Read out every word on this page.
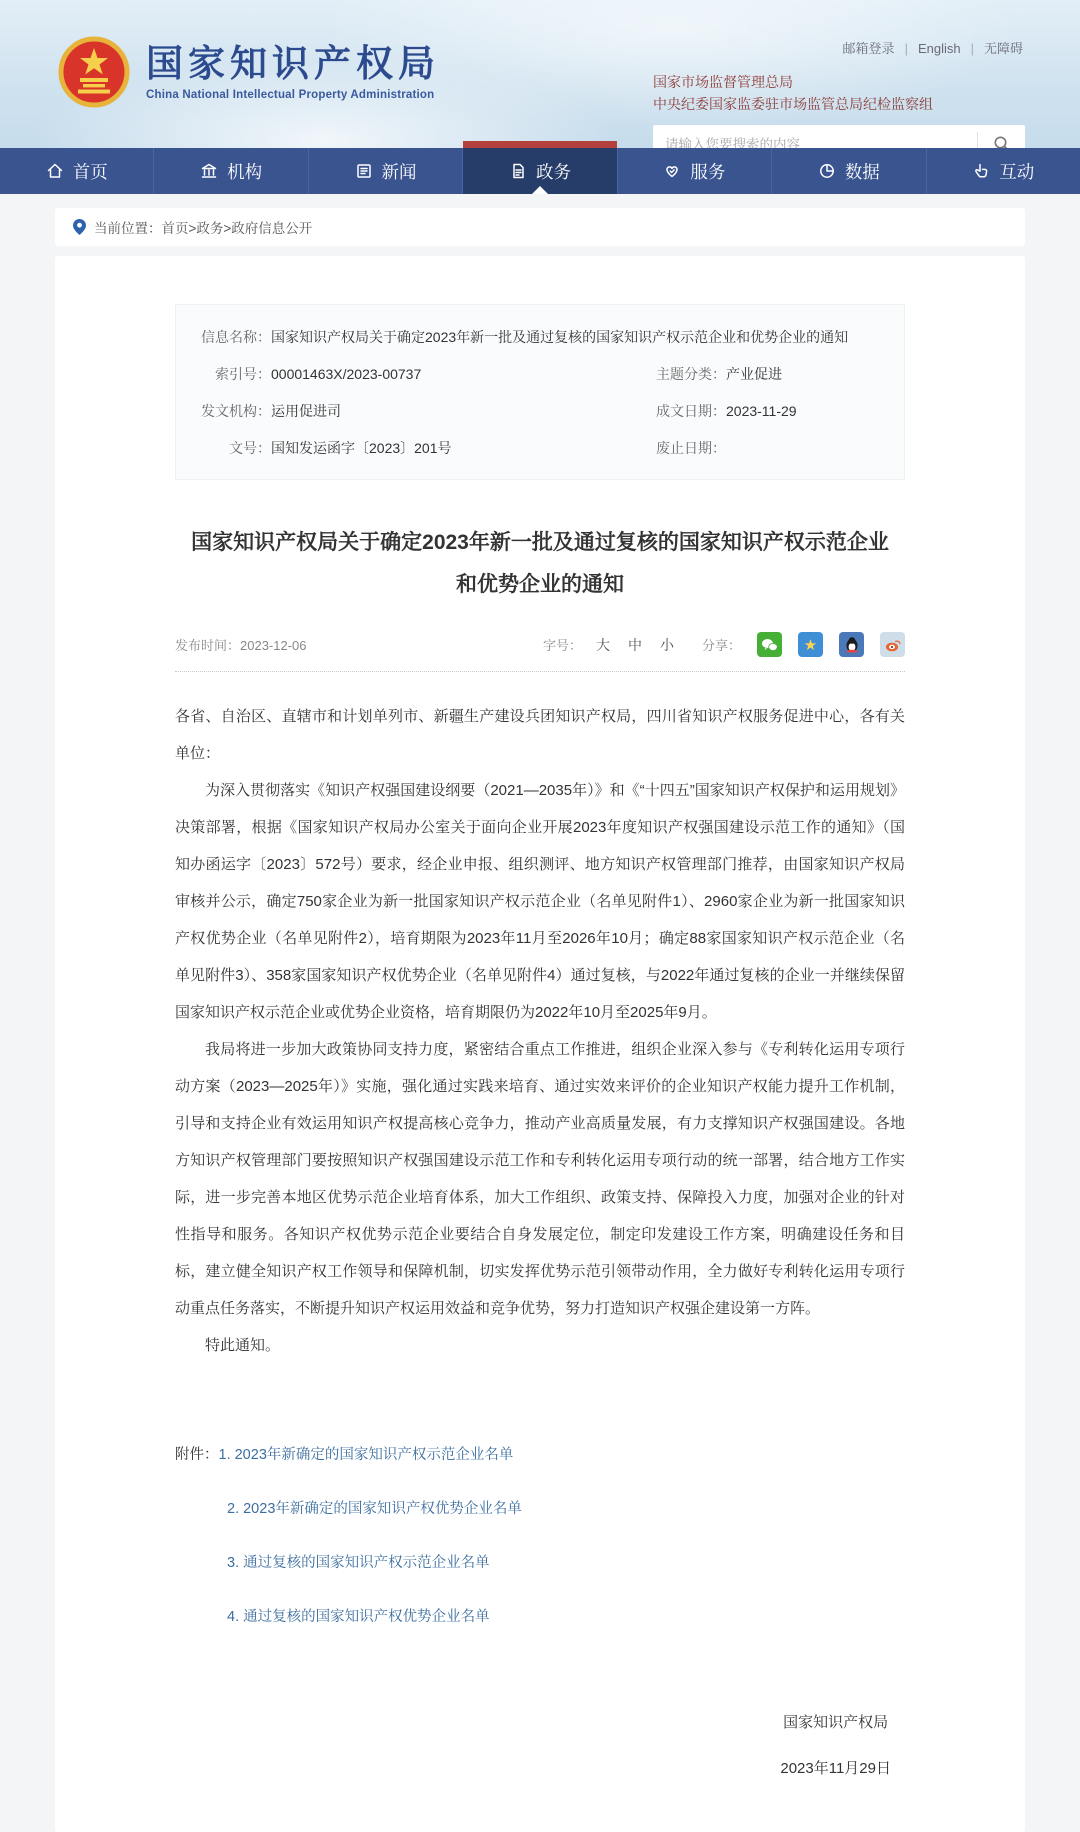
国家知识产权局
China National Intellectual Property Administration
邮箱登录 | English | 无障碍
国家市场监督管理总局
中央纪委国家监委驻市场监管总局纪检监察组
请输入您要搜索的内容
首页	机构	新闻	政务	服务	数据	互动
当前位置： 首页>政务>政府信息公开
信息名称： 国家知识产权局关于确定2023年新一批及通过复核的国家知识产权示范企业和优势企业的通知
索引号： 00001463X/2023-00737	主题分类： 产业促进
发文机构： 运用促进司	成文日期： 2023-11-29
文号： 国知发运函字〔2023〕201号	废止日期：
国家知识产权局关于确定2023年新一批及通过复核的国家知识产权示范企业
和优势企业的通知
发布时间：2023-12-06	字号： 大 中 小 分享：	★

各省、自治区、直辖市和计划单列市、新疆生产建设兵团知识产权局，四川省知识产权服务促进中心，各有关单位：

为深入贯彻落实《知识产权强国建设纲要（2021—2035年）》和《“十四五”国家知识产权保护和运用规划》决策部署，根据《国家知识产权局办公室关于面向企业开展2023年度知识产权强国建设示范工作的通知》（国知办函运字〔2023〕572号）要求，经企业申报、组织测评、地方知识产权管理部门推荐，由国家知识产权局审核并公示，确定750家企业为新一批国家知识产权示范企业（名单见附件1）、2960家企业为新一批国家知识产权优势企业（名单见附件2），培育期限为2023年11月至2026年10月；确定88家国家知识产权示范企业（名单见附件3）、358家国家知识产权优势企业（名单见附件4）通过复核，与2022年通过复核的企业一并继续保留国家知识产权示范企业或优势企业资格，培育期限仍为2022年10月至2025年9月。

我局将进一步加大政策协同支持力度，紧密结合重点工作推进，组织企业深入参与《专利转化运用专项行动方案（2023—2025年）》实施，强化通过实践来培育、通过实效来评价的企业知识产权能力提升工作机制，引导和支持企业有效运用知识产权提高核心竞争力，推动产业高质量发展，有力支撑知识产权强国建设。各地方知识产权管理部门要按照知识产权强国建设示范工作和专利转化运用专项行动的统一部署，结合地方工作实际，进一步完善本地区优势示范企业培育体系，加大工作组织、政策支持、保障投入力度，加强对企业的针对性指导和服务。各知识产权优势示范企业要结合自身发展定位，制定印发建设工作方案，明确建设任务和目标，建立健全知识产权工作领导和保障机制，切实发挥优势示范引领带动作用，全力做好专利转化运用专项行动重点任务落实，不断提升知识产权运用效益和竞争优势，努力打造知识产权强企建设第一方阵。

特此通知。

附件：1. 2023年新确定的国家知识产权示范企业名单
2. 2023年新确定的国家知识产权优势企业名单
3. 通过复核的国家知识产权示范企业名单
4. 通过复核的国家知识产权优势企业名单
国家知识产权局
2023年11月29日
